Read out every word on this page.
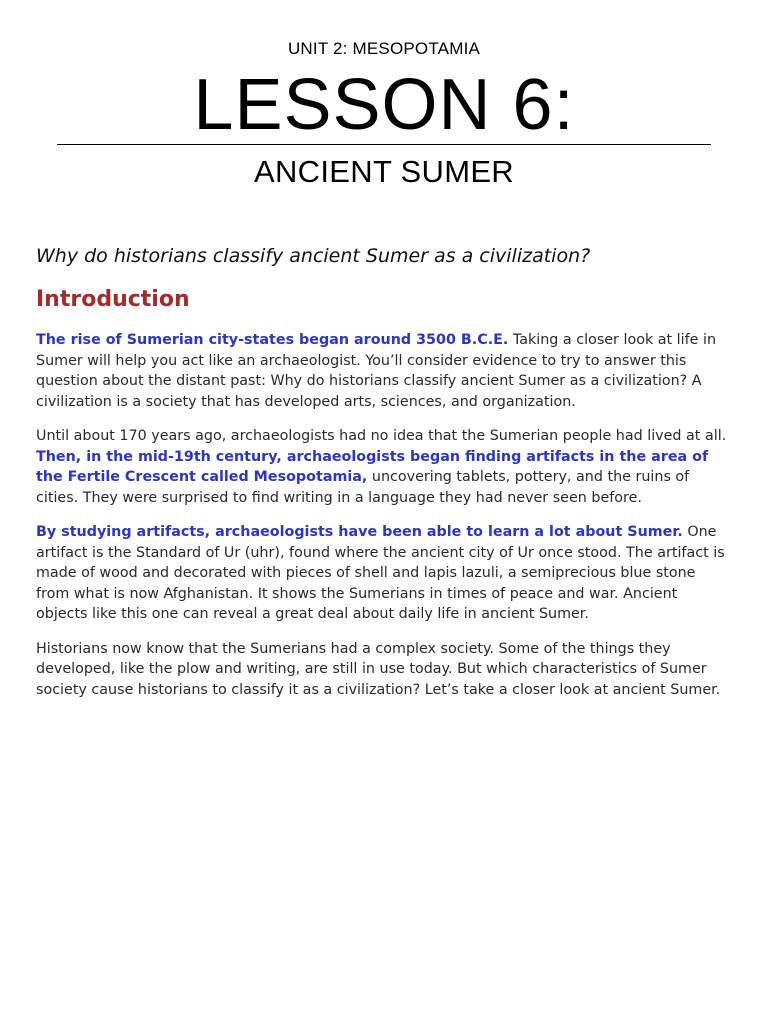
UNIT 2: MESOPOTAMIA
LESSON 6:
ANCIENT SUMER
Why do historians classify ancient Sumer as a civilization?
Introduction

The rise of Sumerian city-states began around 3500 B.C.E. Taking a closer look at life in Sumer will help you act like an archaeologist. You’ll consider evidence to try to answer this question about the distant past: Why do historians classify ancient Sumer as a civilization? A civilization is a society that has developed arts, sciences, and organization.

Until about 170 years ago, archaeologists had no idea that the Sumerian people had lived at all. Then, in the mid-19th century, archaeologists began finding artifacts in the area of the Fertile Crescent called Mesopotamia, uncovering tablets, pottery, and the ruins of cities. They were surprised to find writing in a language they had never seen before.

By studying artifacts, archaeologists have been able to learn a lot about Sumer. One artifact is the Standard of Ur (uhr), found where the ancient city of Ur once stood. The artifact is made of wood and decorated with pieces of shell and lapis lazuli, a semiprecious blue stone from what is now Afghanistan. It shows the Sumerians in times of peace and war. Ancient objects like this one can reveal a great deal about daily life in ancient Sumer.

Historians now know that the Sumerians had a complex society. Some of the things they developed, like the plow and writing, are still in use today. But which characteristics of Sumer society cause historians to classify it as a civilization? Let’s take a closer look at ancient Sumer.
